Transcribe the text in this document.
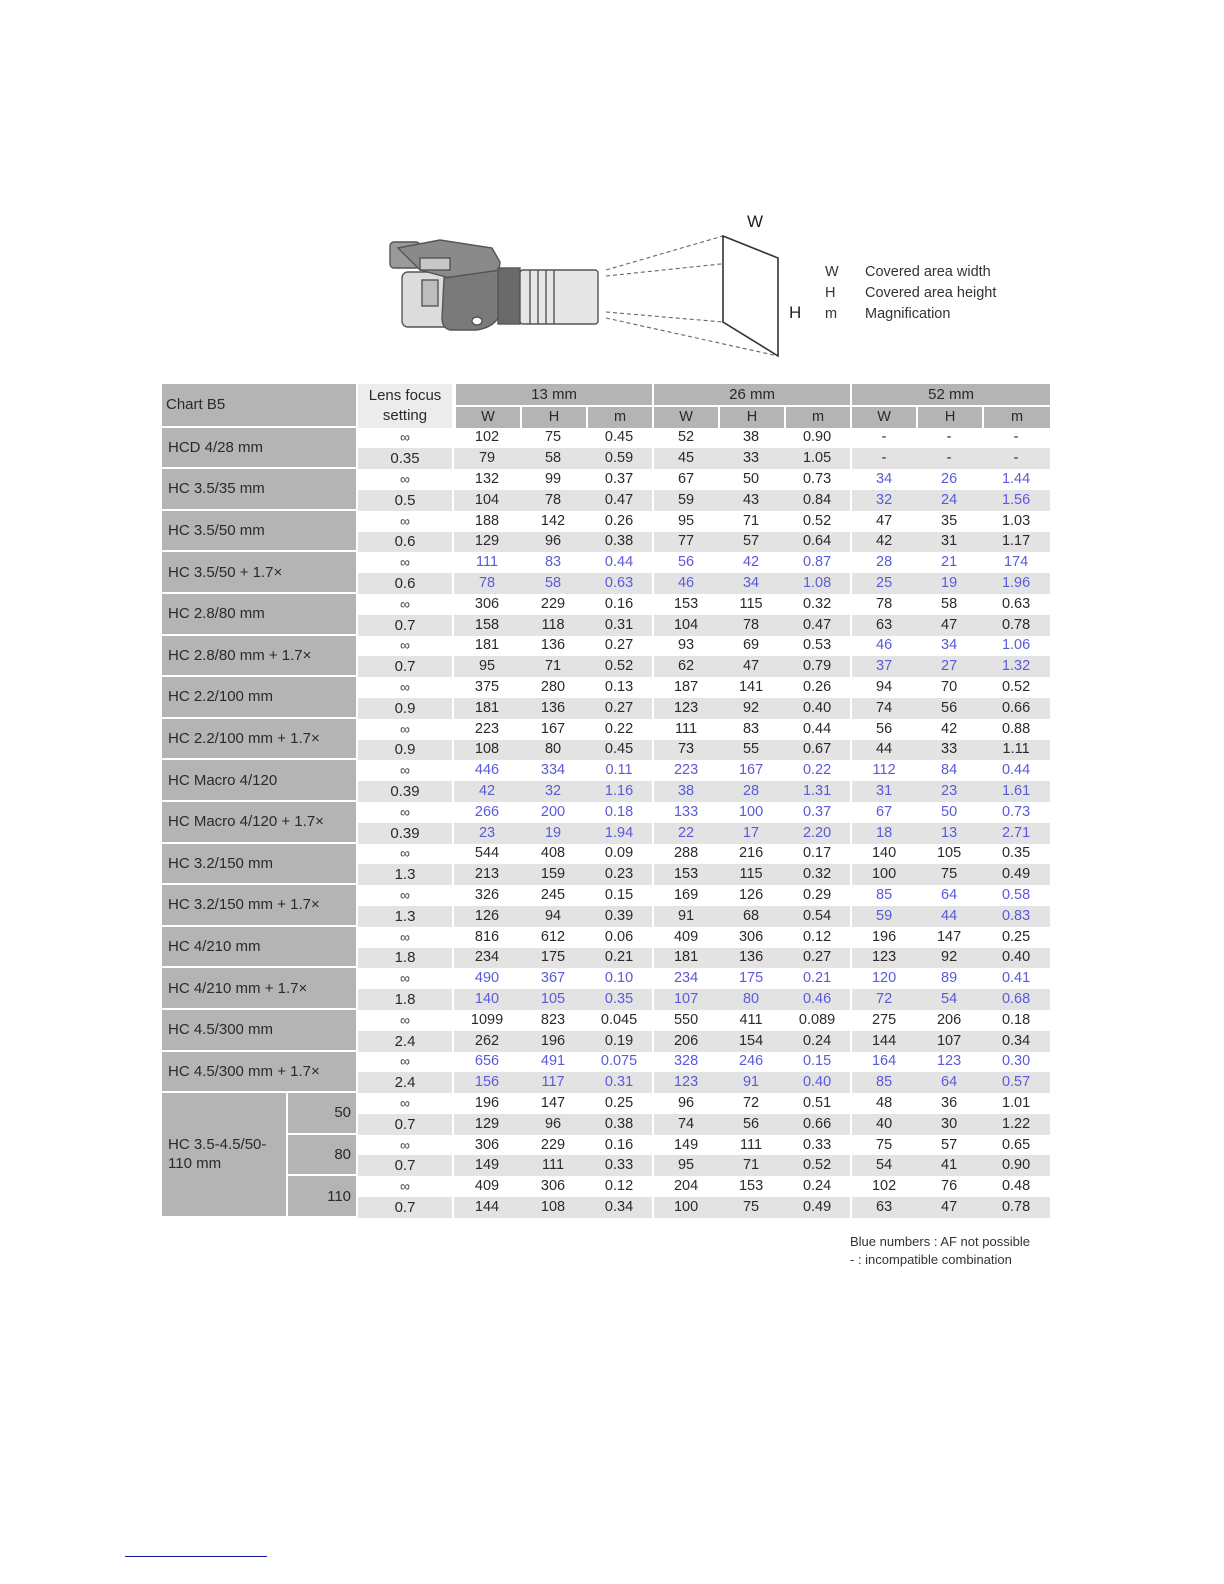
W
H
W Covered area width
H Covered area height
m Magnification
Chart B5		Lens focus setting	13 mm			26 mm			52 mm		
			W	H	m	W	H	m	W	H	m
HCD 4/28 mm		∞	102	75	0.45	52	38	0.90	-	-	-
		0.35	79	58	0.59	45	33	1.05	-	-	-
HC 3.5/35 mm		∞	132	99	0.37	67	50	0.73	34	26	1.44
		0.5	104	78	0.47	59	43	0.84	32	24	1.56
HC 3.5/50 mm		∞	188	142	0.26	95	71	0.52	47	35	1.03
		0.6	129	96	0.38	77	57	0.64	42	31	1.17
HC 3.5/50 + 1.7×		∞	111	83	0.44	56	42	0.87	28	21	174
		0.6	78	58	0.63	46	34	1.08	25	19	1.96
HC 2.8/80 mm		∞	306	229	0.16	153	115	0.32	78	58	0.63
		0.7	158	118	0.31	104	78	0.47	63	47	0.78
HC 2.8/80 mm + 1.7×		∞	181	136	0.27	93	69	0.53	46	34	1.06
		0.7	95	71	0.52	62	47	0.79	37	27	1.32
HC 2.2/100 mm		∞	375	280	0.13	187	141	0.26	94	70	0.52
		0.9	181	136	0.27	123	92	0.40	74	56	0.66
HC 2.2/100 mm + 1.7×		∞	223	167	0.22	111	83	0.44	56	42	0.88
		0.9	108	80	0.45	73	55	0.67	44	33	1.11
HC Macro 4/120		∞	446	334	0.11	223	167	0.22	112	84	0.44
		0.39	42	32	1.16	38	28	1.31	31	23	1.61
HC Macro 4/120 + 1.7×		∞	266	200	0.18	133	100	0.37	67	50	0.73
		0.39	23	19	1.94	22	17	2.20	18	13	2.71
HC 3.2/150 mm		∞	544	408	0.09	288	216	0.17	140	105	0.35
		1.3	213	159	0.23	153	115	0.32	100	75	0.49
HC 3.2/150 mm + 1.7×		∞	326	245	0.15	169	126	0.29	85	64	0.58
		1.3	126	94	0.39	91	68	0.54	59	44	0.83
HC 4/210 mm		∞	816	612	0.06	409	306	0.12	196	147	0.25
		1.8	234	175	0.21	181	136	0.27	123	92	0.40
HC 4/210 mm + 1.7×		∞	490	367	0.10	234	175	0.21	120	89	0.41
		1.8	140	105	0.35	107	80	0.46	72	54	0.68
HC 4.5/300 mm		∞	1099	823	0.045	550	411	0.089	275	206	0.18
		2.4	262	196	0.19	206	154	0.24	144	107	0.34
HC 4.5/300 mm + 1.7×		∞	656	491	0.075	328	246	0.15	164	123	0.30
		2.4	156	117	0.31	123	91	0.40	85	64	0.57
HC 3.5-4.5/50-110 mm	50	∞	196	147	0.25	96	72	0.51	48	36	1.01
		0.7	129	96	0.38	74	56	0.66	40	30	1.22
	80	∞	306	229	0.16	149	111	0.33	75	57	0.65
		0.7	149	111	0.33	95	71	0.52	54	41	0.90
	110	∞	409	306	0.12	204	153	0.24	102	76	0.48
		0.7	144	108	0.34	100	75	0.49	63	47	0.78
Blue numbers : AF not possible
- : incompatible combination
